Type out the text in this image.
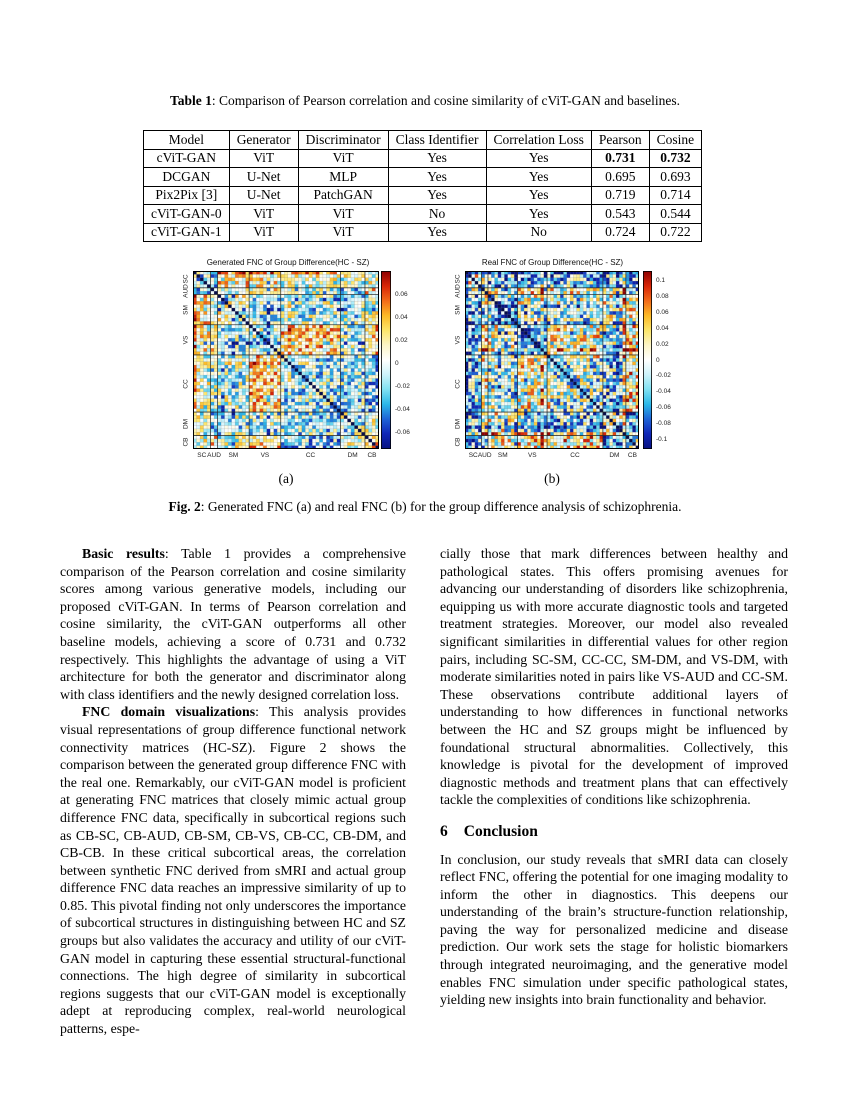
Table 1: Comparison of Pearson correlation and cosine similarity of cViT-GAN and baselines.
Model	Generator	Discriminator	Class Identifier	Correlation Loss	Pearson	Cosine
cViT-GAN	ViT	ViT	Yes	Yes	0.731	0.732
DCGAN	U-Net	MLP	Yes	Yes	0.695	0.693
Pix2Pix [3]	U-Net	PatchGAN	Yes	Yes	0.719	0.714
cViT-GAN-0	ViT	ViT	No	Yes	0.543	0.544
cViT-GAN-1	ViT	ViT	Yes	No	0.724	0.722
Generated FNC of Group Difference(HC - SZ)
0.06
0.04
0.02
0
-0.02
-0.04
-0.06
SC
SC
AUD
AUD
SM
SM
VS
VS
CC
CC
DM
DM
CB
CB
Real FNC of Group Difference(HC - SZ)
0.1
0.08
0.06
0.04
0.02
0
-0.02
-0.04
-0.06
-0.08
-0.1
SC
SC
AUD
AUD
SM
SM
VS
VS
CC
CC
DM
DM
CB
CB
(a)	(b)
Fig. 2: Generated FNC (a) and real FNC (b) for the group difference analysis of schizophrenia.

Basic results: Table 1 provides a comprehensive comparison of the Pearson correlation and cosine similarity scores among various generative models, including our proposed cViT-GAN. In terms of Pearson correlation and cosine similarity, the cViT-GAN outperforms all other baseline models, achieving a score of 0.731 and 0.732 respectively. This highlights the advantage of using a ViT architecture for both the generator and discriminator along with class identifiers and the newly designed correlation loss.

FNC domain visualizations: This analysis provides visual representations of group difference functional network connectivity matrices (HC-SZ). Figure 2 shows the comparison between the generated group difference FNC with the real one. Remarkably, our cViT-GAN model is proficient at generating FNC matrices that closely mimic actual group difference FNC data, specifically in subcortical regions such as CB-SC, CB-AUD, CB-SM, CB-VS, CB-CC, CB-DM, and CB-CB. In these critical subcortical areas, the correlation between synthetic FNC derived from sMRI and actual group difference FNC data reaches an impressive similarity of up to 0.85. This pivotal finding not only underscores the importance of subcortical structures in distinguishing between HC and SZ groups but also validates the accuracy and utility of our cViT-GAN model in capturing these essential structural-functional connections. The high degree of similarity in subcortical regions suggests that our cViT-GAN model is exceptionally adept at reproducing complex, real-world neurological patterns, espe-

cially those that mark differences between healthy and pathological states. This offers promising avenues for advancing our understanding of disorders like schizophrenia, equipping us with more accurate diagnostic tools and targeted treatment strategies. Moreover, our model also revealed significant similarities in differential values for other region pairs, including SC-SM, CC-CC, SM-DM, and VS-DM, with moderate similarities noted in pairs like VS-AUD and CC-SM. These observations contribute additional layers of understanding to how differences in functional networks between the HC and SZ groups might be influenced by foundational structural abnormalities. Collectively, this knowledge is pivotal for the development of improved diagnostic methods and treatment plans that can effectively tackle the complexities of conditions like schizophrenia.

6 Conclusion

In conclusion, our study reveals that sMRI data can closely reflect FNC, offering the potential for one imaging modality to inform the other in diagnostics. This deepens our understanding of the brain’s structure-function relationship, paving the way for personalized medicine and disease prediction. Our work sets the stage for holistic biomarkers through integrated neuroimaging, and the generative model enables FNC simulation under specific pathological states, yielding new insights into brain functionality and behavior.
